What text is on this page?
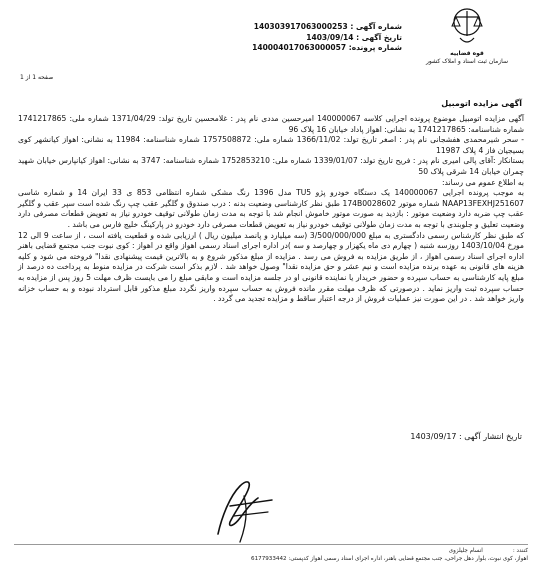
قوه قضاییه
سازمان ثبت اسناد و املاک کشور
شماره آگهی : 140303917063000253
تاریخ آگهی : 1403/09/14
شماره پرونده: 140004017063000057
صفحه 1 از 1
آگهی مزایده اتومبیل

آگهی مزایده اتومبیل موضوع پرونده اجرایی کلاسه 140000067 امیرحسین مددی نام پدر : غلامحسین تاریخ تولد: 1371/04/29 شماره ملی: 1741217865 شماره شناسنامه: 1741217865 به نشانی: اهواز پاداد خیابان 16 پلاک 96

- سحر شیرمحمدی هفشجانی نام پدر : اصغر تاریخ تولد: 1366/11/02 شماره ملی: 1757508872 شماره شناسنامه: 11984 به نشانی: اهواز کیانشهر کوی بسیجیان فاز 4 پلاک 11987

بستانکار :آقای پالی امیری نام پدر : فریح تاریخ تولد: 1339/01/07 شماره ملی: 1752853210 شماره شناسنامه: 3747 به نشانی: اهواز کیانپارس خیابان شهید چمران خیابان 14 شرقی پلاک 50

به اطلاع عموم می رساند:

به موجب پرونده اجرایی 140000067 یک دستگاه خودرو پژو TU5 مدل 1396 رنگ مشکی شماره انتظامی 853 ی 33 ایران 14 و شماره شاسی NAAP13FEXHJ251607 شماره موتور 174B0028602 طبق نظر کارشناسی وضعیت بدنه : درب صندوق و گلگیر عقب چپ رنگ شده است سپر عقب و گلگیر عقب چپ ضربه دارد وضعیت موتور : بازدید به صورت موتور خاموش انجام شد با توجه به مدت زمان طولانی توقیف خودرو نیاز به تعویض قطعات مصرفی دارد وضعیت تعلیق و جلوبندی با توجه به مدت زمان طولانی توقیف خودرو نیاز به تعویض قطعات مصرفی دارد خودرو در پارکینگ خلیج فارس می باشد .

که طبق نظر کارشناس رسمی دادگستری به مبلغ 3/500/000/000 (سه میلیارد و پانصد میلیون ریال ) ارزیابی شده و قطعیت یافته است ، از ساعت 9 الی 12 مورخ 1403/10/04 روزسه شنبه ( چهارم دی ماه یکهزار و چهارصد و سه )در اداره اجرای اسناد رسمی اهواز واقع در اهواز : کوی نبوت جنب مجتمع قضایی باهنر اداره اجرای اسناد رسمی اهواز ، از طریق مزایده به فروش می رسد . مزایده از مبلغ مذکور شروع و به بالاترین قیمت پیشنهادی نقدا" فروخته می شود و کلیه هزینه های قانونی به عهده برنده مزایده است و نیم عشر و حق مزایده نقدا" وصول خواهد شد . لازم بذکر است شرکت در مزایده منوط به پرداخت ده درصد از مبلغ پایه کارشناسی به حساب سپرده و حضور خریدار یا نماینده قانونی او در جلسه مزایده است و مابقی مبلغ را می بایست ظرف مهلت 5 روز پس از مزایده به حساب سپرده ثبت واریز نماید . درصورتی که ظرف مهلت مقرر مانده فروش به حساب سپرده واریز نگردد مبلغ مذکور قابل استرداد نبوده و به حساب خزانه واریز خواهد شد . در این صورت نیز عملیات فروش از درجه اعتبار ساقط و مزایده تجدید می گردد .

تاریخ انتشار آگهی : 1403/09/17
کنندد :
انسام جلیلزوی
اهواز، کوی نبوت، بلوار دهل جراحی، جنب مجتمع قضایی باهنر، اداره اجرای اسناد رسمی اهواز کدپستی: 6177933442
